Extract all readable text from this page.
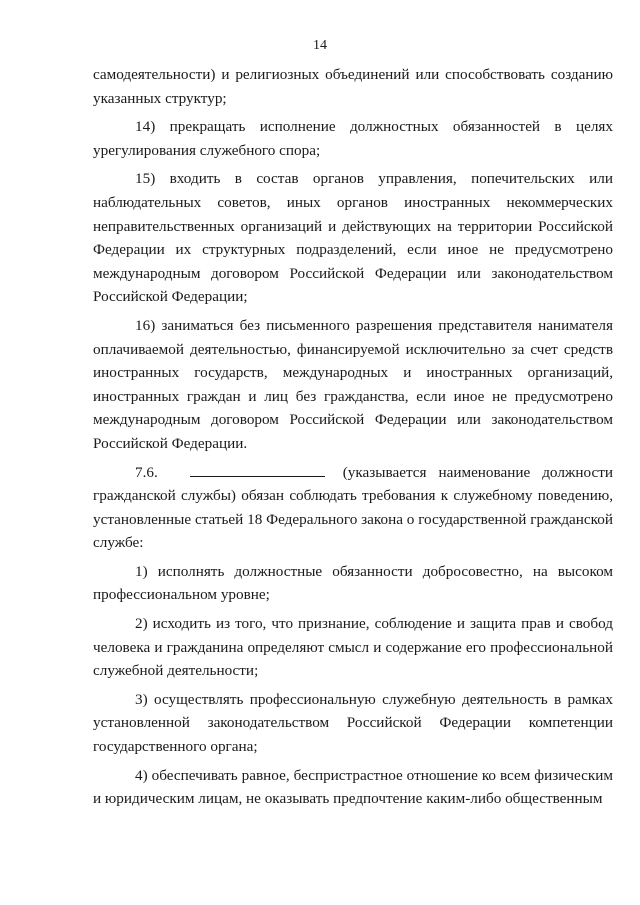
14

самодеятельности) и религиозных объединений или способствовать созданию указанных структур;

14) прекращать исполнение должностных обязанностей в целях урегулирования служебного спора;

15) входить в состав органов управления, попечительских или наблюдательных советов, иных органов иностранных некоммерческих неправительственных организаций и действующих на территории Российской Федерации их структурных подразделений, если иное не предусмотрено международным договором Российской Федерации или законодательством Российской Федерации;

16) заниматься без письменного разрешения представителя нанимателя оплачиваемой деятельностью, финансируемой исключительно за счет средств иностранных государств, международных и иностранных организаций, иностранных граждан и лиц без гражданства, если иное не предусмотрено международным договором Российской Федерации или законодательством Российской Федерации.

7.6.	(указывается наименование должности гражданской службы) обязан соблюдать требования к служебному поведению, установленные статьей 18 Федерального закона о государственной гражданской службе:

1) исполнять должностные обязанности добросовестно, на высоком профессиональном уровне;

2) исходить из того, что признание, соблюдение и защита прав и свобод человека и гражданина определяют смысл и содержание его профессиональной служебной деятельности;

3) осуществлять профессиональную служебную деятельность в рамках установленной законодательством Российской Федерации компетенции государственного органа;

4) обеспечивать равное, беспристрастное отношение ко всем физическим и юридическим лицам, не оказывать предпочтение каким-либо общественным
